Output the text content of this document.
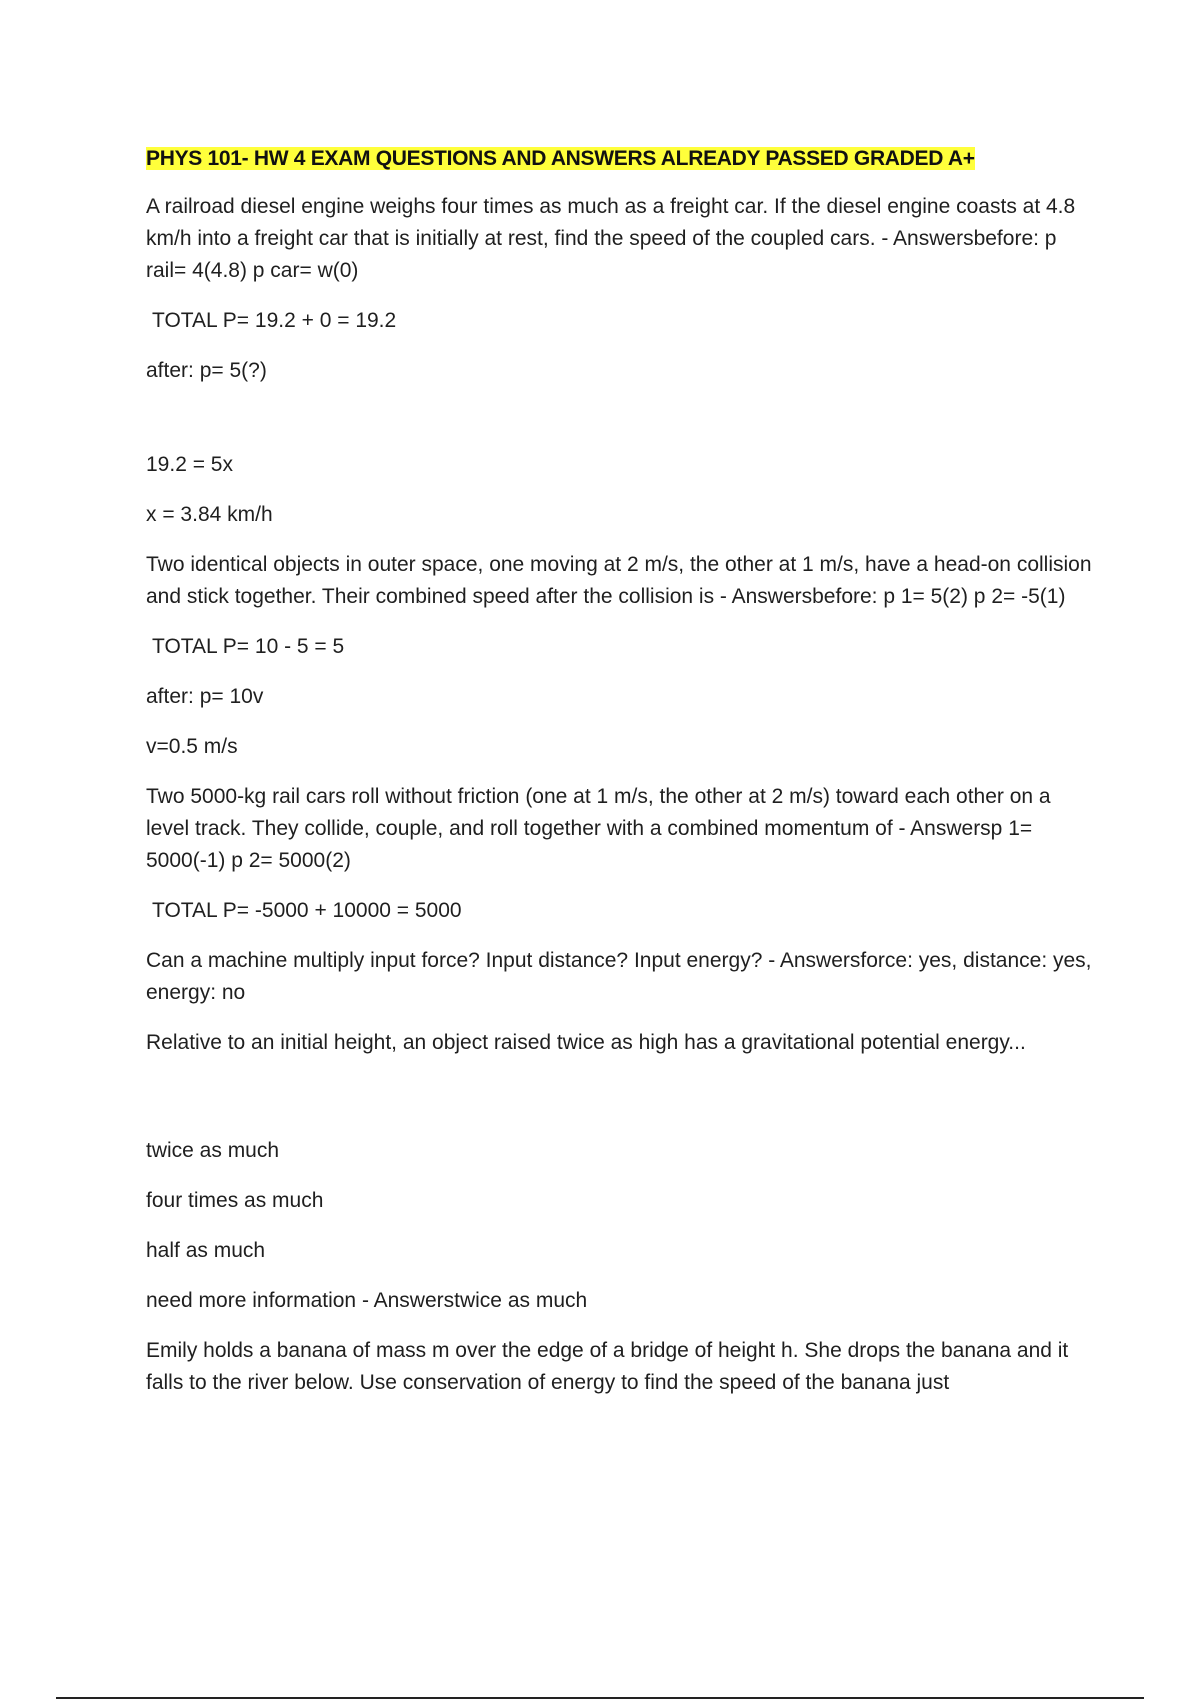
PHYS 101- HW 4 EXAM QUESTIONS AND ANSWERS ALREADY PASSED GRADED A+

A railroad diesel engine weighs four times as much as a freight car. If the diesel engine coasts at 4.8 km/h into a freight car that is initially at rest, find the speed of the coupled cars. - Answersbefore: p rail= 4(4.8) p car= w(0)

TOTAL P= 19.2 + 0 = 19.2

after: p= 5(?)

19.2 = 5x

x = 3.84 km/h

Two identical objects in outer space, one moving at 2 m/s, the other at 1 m/s, have a head-on collision and stick together. Their combined speed after the collision is - Answersbefore: p 1= 5(2) p 2= -5(1)

TOTAL P= 10 - 5 = 5

after: p= 10v

v=0.5 m/s

Two 5000-kg rail cars roll without friction (one at 1 m/s, the other at 2 m/s) toward each other on a level track. They collide, couple, and roll together with a combined momentum of - Answersp 1= 5000(-1) p 2= 5000(2)

TOTAL P= -5000 + 10000 = 5000

Can a machine multiply input force? Input distance? Input energy? - Answersforce: yes, distance: yes, energy: no

Relative to an initial height, an object raised twice as high has a gravitational potential energy...

twice as much

four times as much

half as much

need more information - Answerstwice as much

Emily holds a banana of mass m over the edge of a bridge of height h. She drops the banana and it falls to the river below. Use conservation of energy to find the speed of the banana just
